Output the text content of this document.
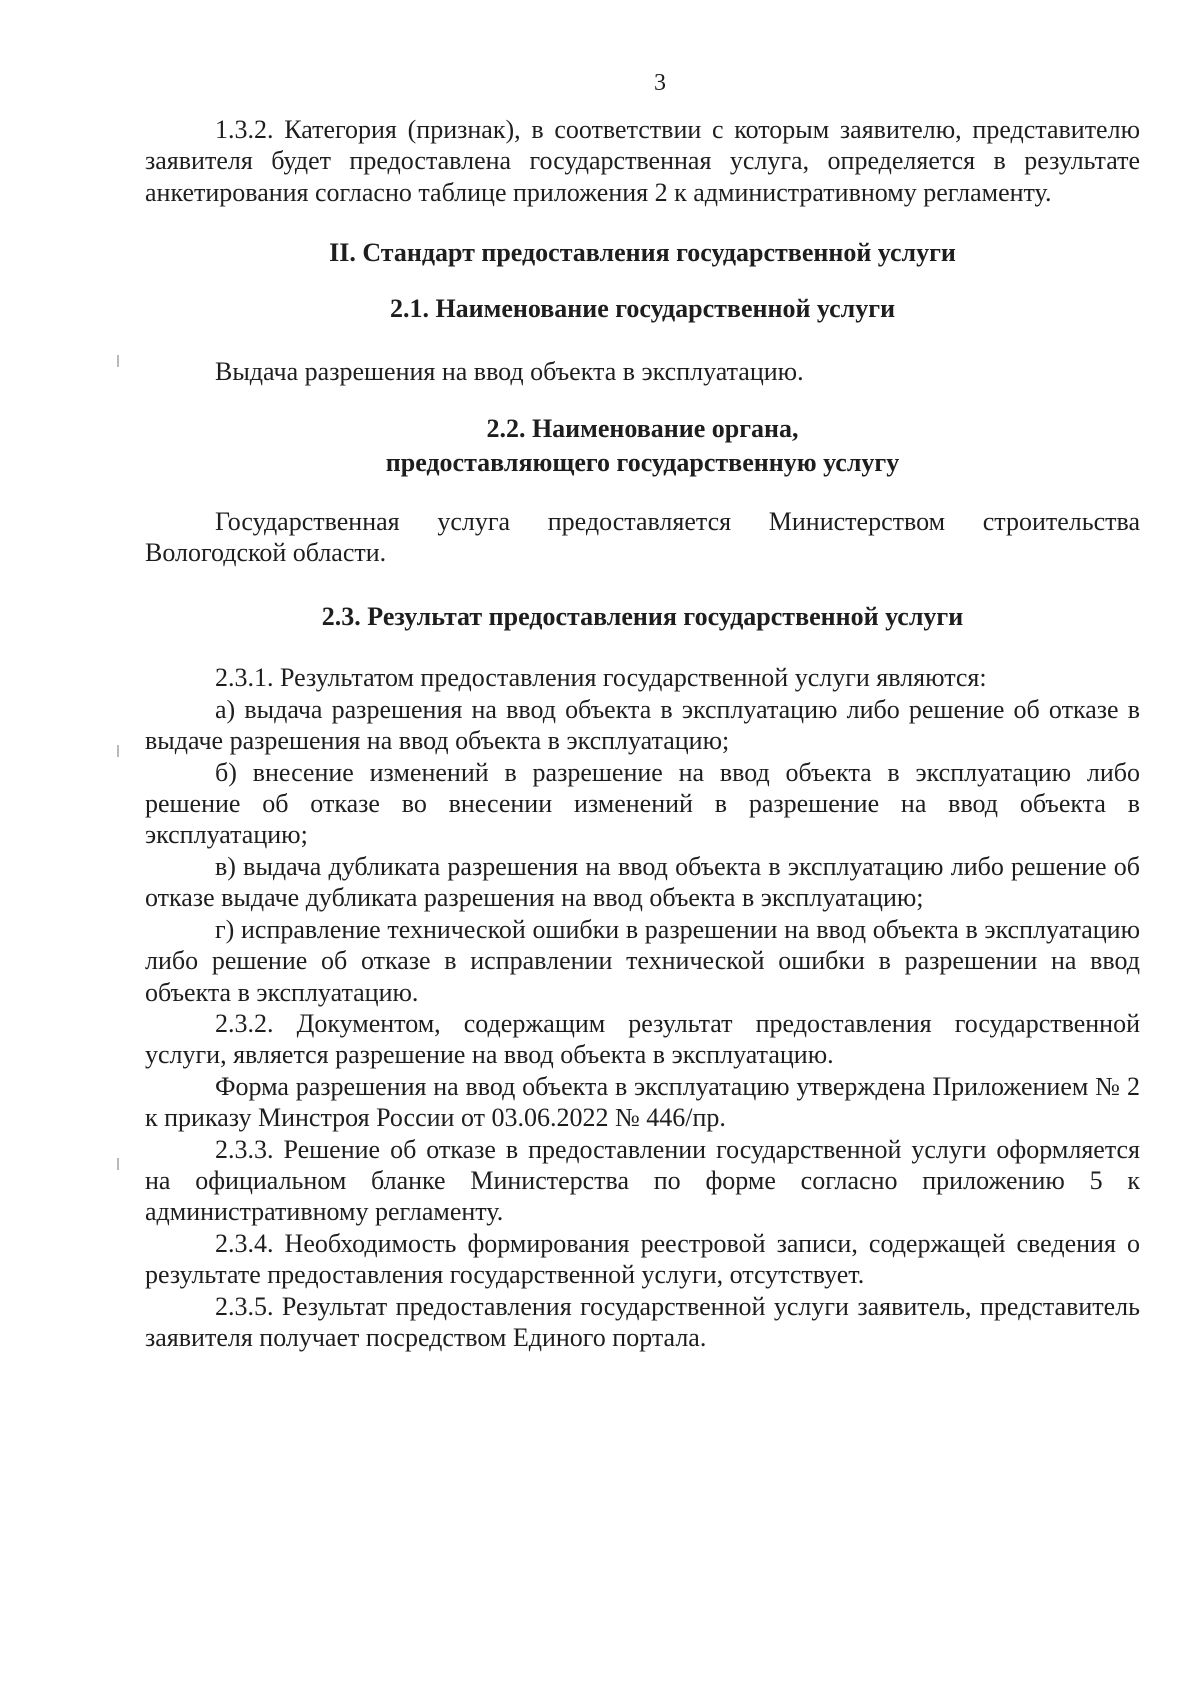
3

1.3.2. Категория (признак), в соответствии с которым заявителю, представителю заявителя будет предоставлена государственная услуга, определяется в результате анкетирования согласно таблице приложения 2 к административному регламенту.

II. Стандарт предоставления государственной услуги
2.1. Наименование государственной услуги

Выдача разрешения на ввод объекта в эксплуатацию.

2.2. Наименование органа,
предоставляющего государственную услугу

Государственная услуга предоставляется Министерством строительства Вологодской области.

2.3. Результат предоставления государственной услуги

2.3.1. Результатом предоставления государственной услуги являются:

а) выдача разрешения на ввод объекта в эксплуатацию либо решение об отказе в выдаче разрешения на ввод объекта в эксплуатацию;

б) внесение изменений в разрешение на ввод объекта в эксплуатацию либо решение об отказе во внесении изменений в разрешение на ввод объекта в эксплуатацию;

в) выдача дубликата разрешения на ввод объекта в эксплуатацию либо решение об отказе выдаче дубликата разрешения на ввод объекта в эксплуатацию;

г) исправление технической ошибки в разрешении на ввод объекта в эксплуатацию либо решение об отказе в исправлении технической ошибки в разрешении на ввод объекта в эксплуатацию.

2.3.2. Документом, содержащим результат предоставления государственной услуги, является разрешение на ввод объекта в эксплуатацию.

Форма разрешения на ввод объекта в эксплуатацию утверждена Приложением № 2 к приказу Минстроя России от 03.06.2022 № 446/пр.

2.3.3. Решение об отказе в предоставлении государственной услуги оформляется на официальном бланке Министерства по форме согласно приложению 5 к административному регламенту.

2.3.4. Необходимость формирования реестровой записи, содержащей сведения о результате предоставления государственной услуги, отсутствует.

2.3.5. Результат предоставления государственной услуги заявитель, представитель заявителя получает посредством Единого портала.
